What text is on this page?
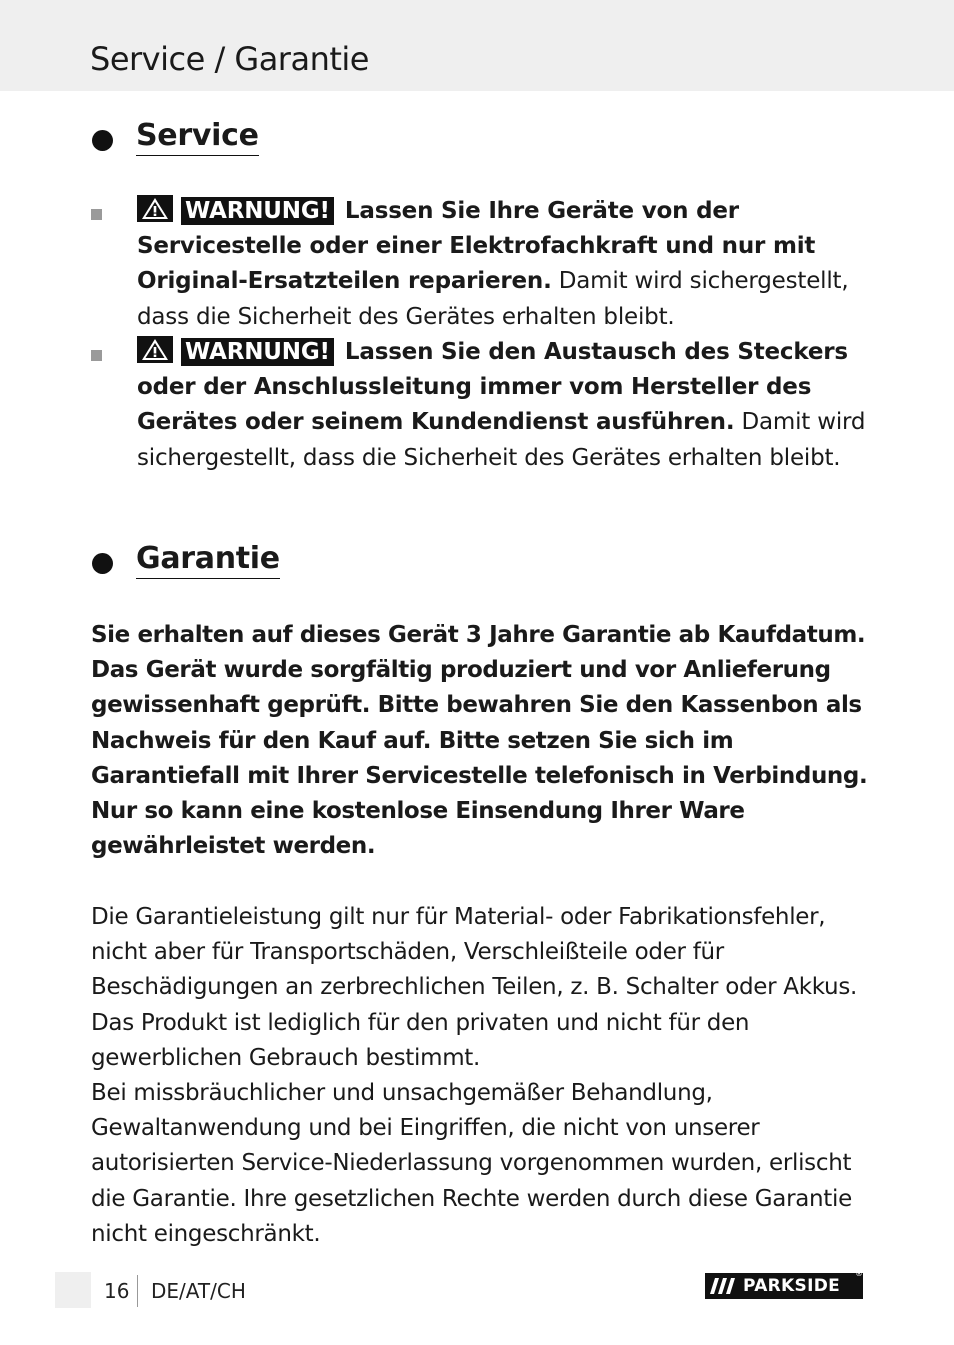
Service / Garantie
Service

WARNUNG! Lassen Sie Ihre Geräte von der Servicestelle oder einer Elektrofachkraft und nur mit Original-Ersatzteilen reparieren. Damit wird sichergestellt, dass die Sicherheit des Gerätes erhalten bleibt.

WARNUNG! Lassen Sie den Austausch des Steckers oder der Anschlussleitung immer vom Hersteller des Gerätes oder seinem Kundendienst ausführen. Damit wird sichergestellt, dass die Sicherheit des Gerätes erhalten bleibt.

Garantie

Sie erhalten auf dieses Gerät 3 Jahre Garantie ab Kaufdatum. Das Gerät wurde sorgfältig produziert und vor Anlieferung gewissenhaft geprüft. Bitte bewahren Sie den Kassenbon als Nachweis für den Kauf auf. Bitte setzen Sie sich im Garantiefall mit Ihrer Servicestelle telefonisch in Verbindung. Nur so kann eine kostenlose Einsendung Ihrer Ware gewährleistet werden.

Die Garantieleistung gilt nur für Material- oder Fabrikationsfehler, nicht aber für Transportschäden, Verschleißteile oder für Beschädigungen an zerbrechlichen Teilen, z. B. Schalter oder Akkus. Das Produkt ist lediglich für den privaten und nicht für den gewerblichen Gebrauch bestimmt.

Bei missbräuchlicher und unsachgemäßer Behandlung, Gewaltanwendung und bei Eingriffen, die nicht von unserer autorisierten Service-Niederlassung vorgenommen wurden, erlischt die Garantie. Ihre gesetzlichen Rechte werden durch diese Garantie nicht eingeschränkt.

16 DE/AT/CH	PARKSIDE
®
